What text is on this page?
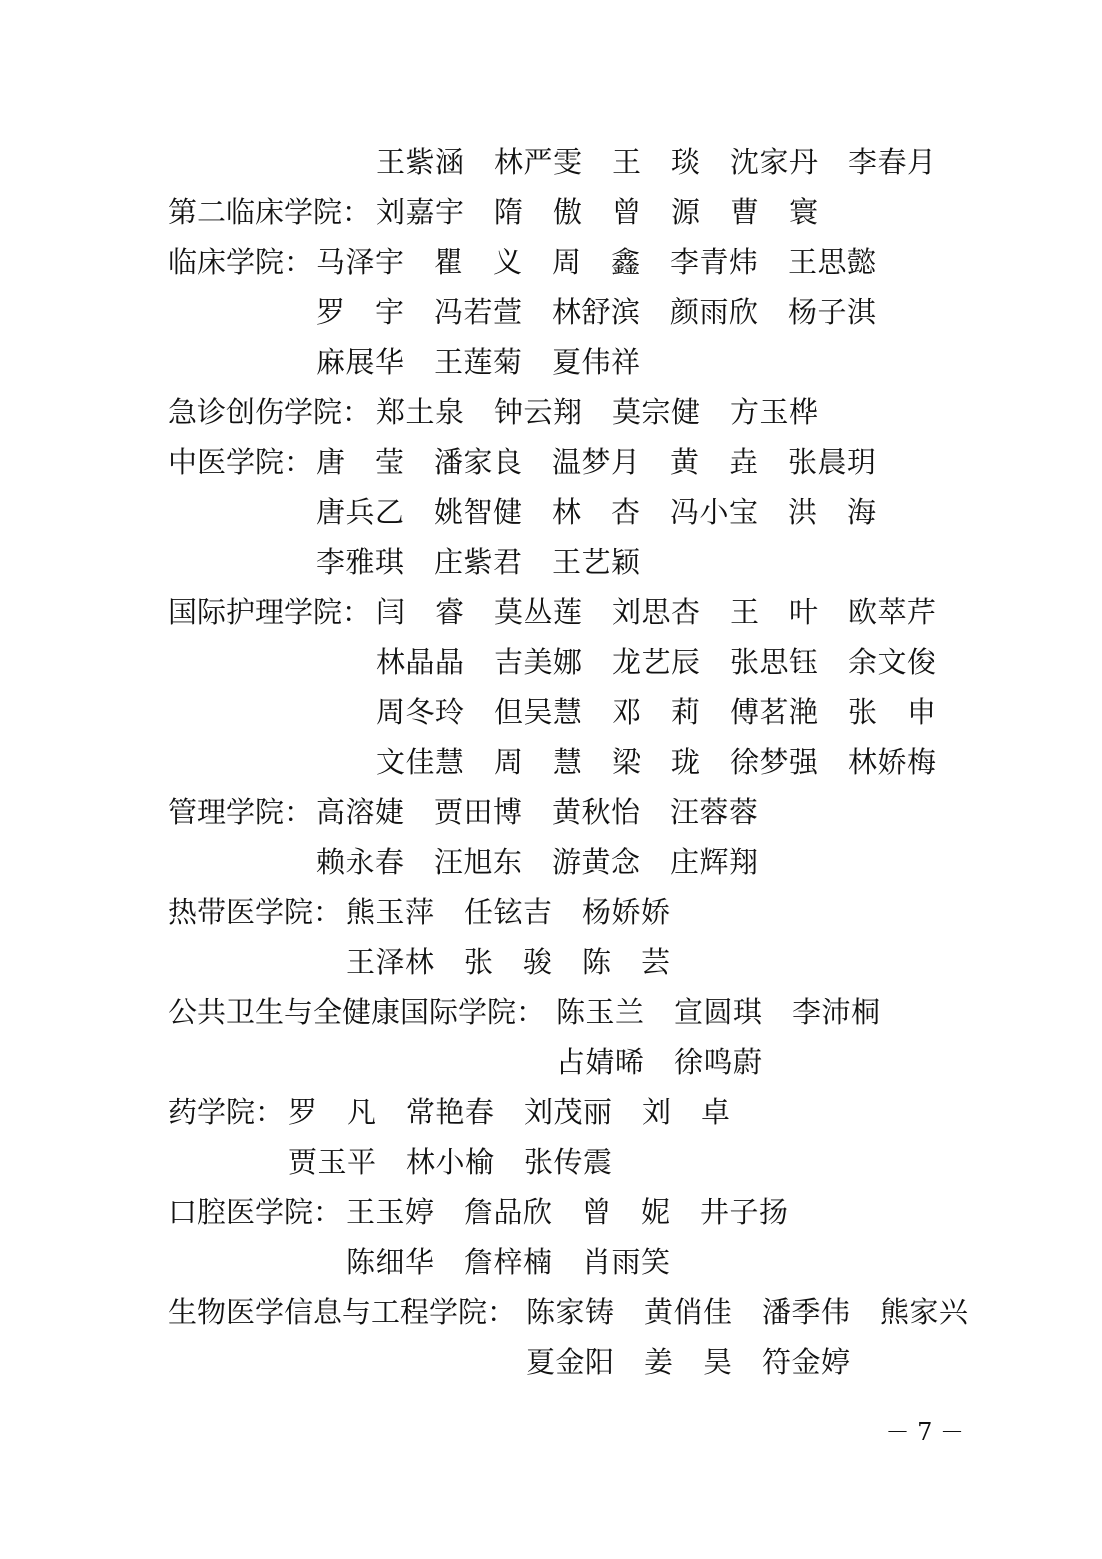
王 紫 涵 林 严 雯 王 琰 沈 家 丹 李 春 月
第二临床学院： 刘 嘉 宇 隋 傲 曾 源 曹 寰
临床学院： 马 泽 宇 瞿 义 周 鑫 李 青 炜 王 思 懿
罗 宇 冯 若 萱 林 舒 滨 颜 雨 欣 杨 子 淇
麻 展 华 王 莲 菊 夏 伟 祥
急诊创伤学院： 郑 土 泉 钟 云 翔 莫 宗 健 方 玉 桦
中医学院： 唐 莹 潘 家 良 温 梦 月 黄 垚 张 晨 玥
唐 兵 乙 姚 智 健 林 杏 冯 小 宝 洪 海
李 雅 琪 庄 紫 君 王 艺 颖
国际护理学院： 闫 睿 莫 丛 莲 刘 思 杏 王 叶 欧 萃 芹
林 晶 晶 吉 美 娜 龙 艺 辰 张 思 钰 余 文 俊
周 冬 玲 但 吴 慧 邓 莉 傅 茗 滟 张 申
文 佳 慧 周 慧 梁 珑 徐 梦 强 林 娇 梅
管理学院： 高 溶 婕 贾 田 博 黄 秋 怡 汪 蓉 蓉
赖 永 春 汪 旭 东 游 黄 念 庄 辉 翔
热带医学院： 熊 玉 萍 任 铉 吉 杨 娇 娇
王 泽 林 张 骏 陈 芸
公共卫生与全健康国际学院： 陈 玉 兰 宣 圆 琪 李 沛 桐
占 婧 晞 徐 鸣 蔚
药学院： 罗 凡 常 艳 春 刘 茂 丽 刘 卓
贾 玉 平 林 小 榆 张 传 震
口腔医学院： 王 玉 婷 詹 品 欣 曾 妮 井 子 扬
陈 细 华 詹 梓 楠 肖 雨 笑
生物医学信息与工程学院： 陈 家 铸 黄 俏 佳 潘 季 伟 熊 家 兴
夏 金 阳 姜 昊 符 金 婷
－ 7 －
